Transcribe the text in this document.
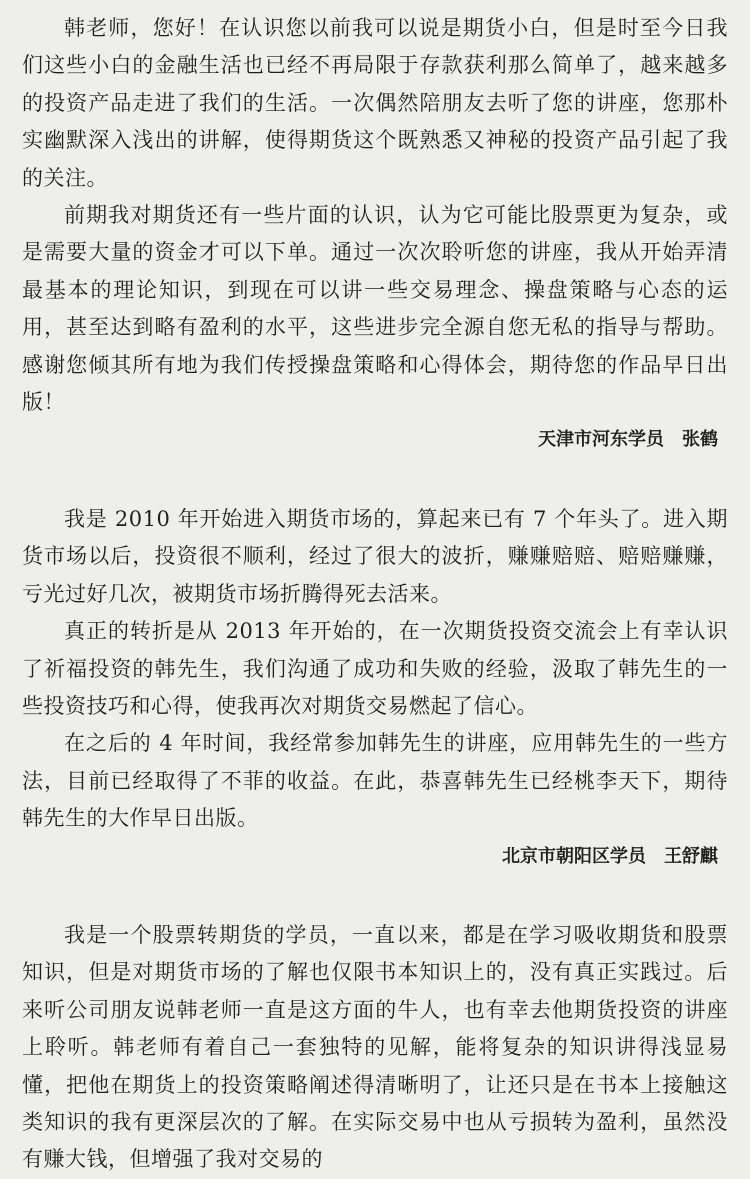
韩老师，您好！在认识您以前我可以说是期货小白，但是时至今日我们这些小白的金融生活也已经不再局限于存款获利那么简单了，越来越多的投资产品走进了我们的生活。一次偶然陪朋友去听了您的讲座，您那朴实幽默深入浅出的讲解，使得期货这个既熟悉又神秘的投资产品引起了我的关注。

前期我对期货还有一些片面的认识，认为它可能比股票更为复杂，或是需要大量的资金才可以下单。通过一次次聆听您的讲座，我从开始弄清最基本的理论知识，到现在可以讲一些交易理念、操盘策略与心态的运用，甚至达到略有盈利的水平，这些进步完全源自您无私的指导与帮助。感谢您倾其所有地为我们传授操盘策略和心得体会，期待您的作品早日出版！

天津市河东学员　张鹤

我是 2010 年开始进入期货市场的，算起来已有 7 个年头了。进入期货市场以后，投资很不顺利，经过了很大的波折，赚赚赔赔、赔赔赚赚，亏光过好几次，被期货市场折腾得死去活来。

真正的转折是从 2013 年开始的，在一次期货投资交流会上有幸认识了祈福投资的韩先生，我们沟通了成功和失败的经验，汲取了韩先生的一些投资技巧和心得，使我再次对期货交易燃起了信心。

在之后的 4 年时间，我经常参加韩先生的讲座，应用韩先生的一些方法，目前已经取得了不菲的收益。在此，恭喜韩先生已经桃李天下，期待韩先生的大作早日出版。

北京市朝阳区学员　王舒麒

我是一个股票转期货的学员，一直以来，都是在学习吸收期货和股票知识，但是对期货市场的了解也仅限书本知识上的，没有真正实践过。后来听公司朋友说韩老师一直是这方面的牛人，也有幸去他期货投资的讲座上聆听。韩老师有着自己一套独特的见解，能将复杂的知识讲得浅显易懂，把他在期货上的投资策略阐述得清晰明了，让还只是在书本上接触这类知识的我有更深层次的了解。在实际交易中也从亏损转为盈利，虽然没有赚大钱，但增强了我对交易的
